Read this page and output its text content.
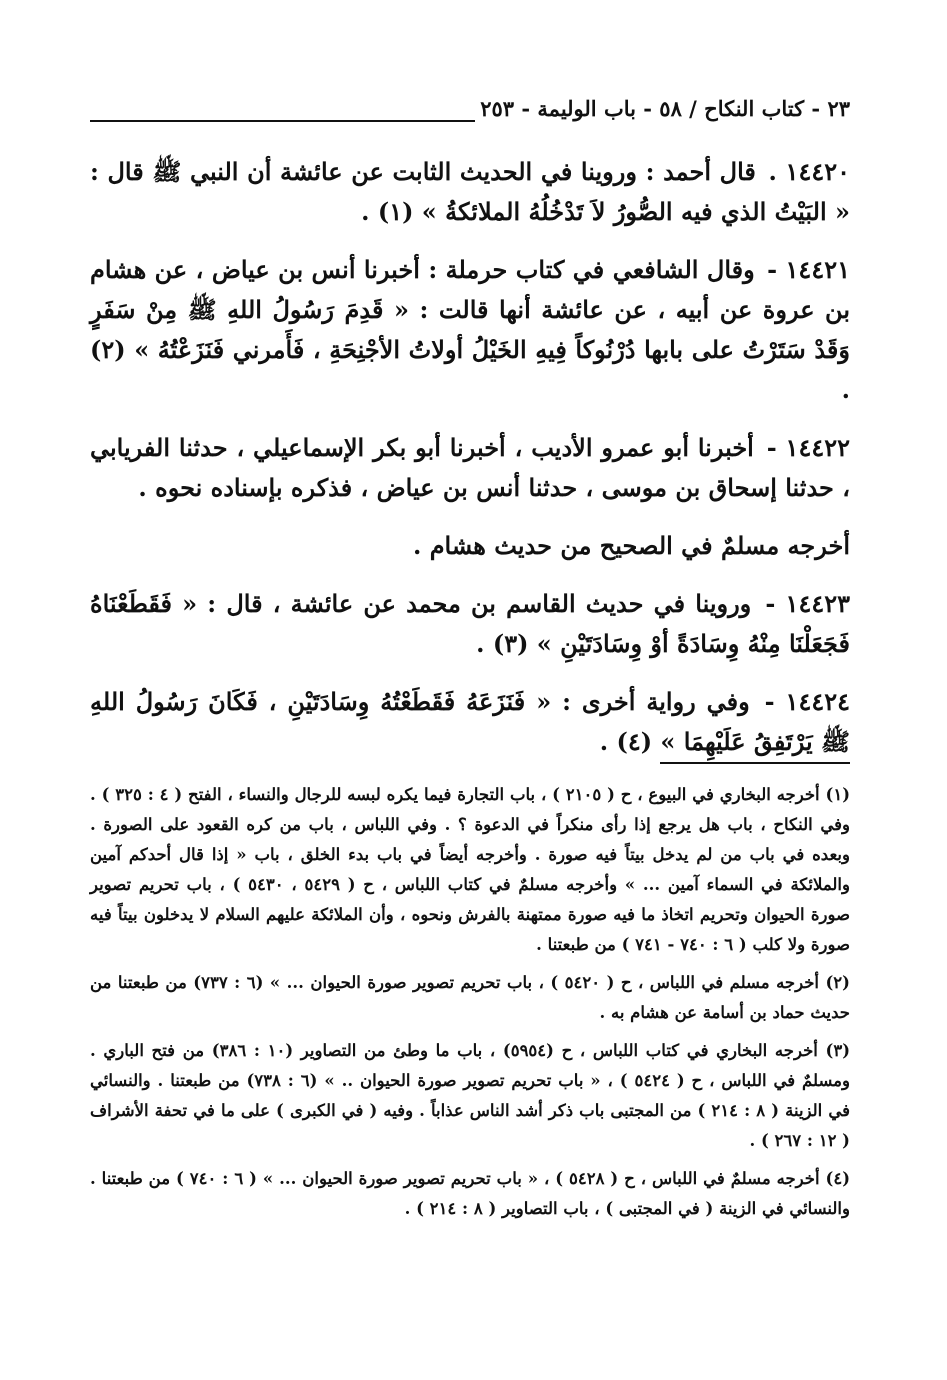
٢٣ - كتاب النكاح / ٥٨ - باب الوليمة - ٢٥٣

١٤٤٢٠ . قال أحمد : وروينا في الحديث الثابت عن عائشة أن النبي ﷺ قال : « البَيْتُ الذي فيه الصُّورُ لاَ تَدْخُلُهُ الملائكةُ » (١) .

١٤٤٢١ - وقال الشافعي في كتاب حرملة : أخبرنا أنس بن عياض ، عن هشام بن عروة عن أبيه ، عن عائشة أنها قالت : « قَدِمَ رَسُولُ اللهِ ﷺ مِنْ سَفَرٍ وَقَدْ سَتَرْتُ على بابها دُرْنُوكاً فِيهِ الخَيْلُ أولاتُ الأجْنِحَةِ ، فَأَمرني فَنَزَعْتُهُ » (٢) .

١٤٤٢٢ - أخبرنا أبو عمرو الأديب ، أخبرنا أبو بكر الإسماعيلي ، حدثنا الفريابي ، حدثنا إسحاق بن موسى ، حدثنا أنس بن عياض ، فذكره بإسناده نحوه .

أخرجه مسلمٌ في الصحيح من حديث هشام .

١٤٤٢٣ - وروينا في حديث القاسم بن محمد عن عائشة ، قال : « فَقَطَعْنَاهُ فَجَعَلْنَا مِنْهُ وِسَادَةً أوْ وِسَادَتَيْنِ » (٣) .

١٤٤٢٤ - وفي رواية أخرى : « فَنَزَعَهُ فَقَطَعْتُهُ وِسَادَتَيْنِ ، فَكَانَ رَسُولُ اللهِ ﷺ يَرْتَفِقُ عَلَيْهِمَا » (٤) .

(١) أخرجه البخاري في البيوع ، ح ( ٢١٠٥ ) ، باب التجارة فيما يكره لبسه للرجال والنساء ، الفتح ( ٤ : ٣٢٥ ) . وفي النكاح ، باب هل يرجع إذا رأى منكراً في الدعوة ؟ . وفي اللباس ، باب من كره القعود على الصورة . وبعده في باب من لم يدخل بيتاً فيه صورة . وأخرجه أيضاً في باب بدء الخلق ، باب « إذا قال أحدكم آمين والملائكة في السماء آمين ... » وأخرجه مسلمٌ في كتاب اللباس ، ح ( ٥٤٢٩ ، ٥٤٣٠ ) ، باب تحريم تصوير صورة الحيوان وتحريم اتخاذ ما فيه صورة ممتهنة بالفرش ونحوه ، وأن الملائكة عليهم السلام لا يدخلون بيتاً فيه صورة ولا كلب ( ٦ : ٧٤٠ - ٧٤١ ) من طبعتنا .

(٢) أخرجه مسلم في اللباس ، ح ( ٥٤٢٠ ) ، باب تحريم تصوير صورة الحيوان ... » (٦ : ٧٣٧) من طبعتنا من حديث حماد بن أسامة عن هشام به .

(٣) أخرجه البخاري في كتاب اللباس ، ح (٥٩٥٤) ، باب ما وطئ من التصاوير (١٠ : ٣٨٦) من فتح الباري . ومسلمٌ في اللباس ، ح ( ٥٤٢٤ ) ، « باب تحريم تصوير صورة الحيوان .. » (٦ : ٧٣٨) من طبعتنا . والنسائي في الزينة ( ٨ : ٢١٤ ) من المجتبى باب ذكر أشد الناس عذاباً . وفيه ( في الكبرى ) على ما في تحفة الأشراف ( ١٢ : ٢٦٧ ) .

(٤) أخرجه مسلمٌ في اللباس ، ح ( ٥٤٢٨ ) ، « باب تحريم تصوير صورة الحيوان ... » ( ٦ : ٧٤٠ ) من طبعتنا . والنسائي في الزينة ( في المجتبى ) ، باب التصاوير ( ٨ : ٢١٤ ) .
